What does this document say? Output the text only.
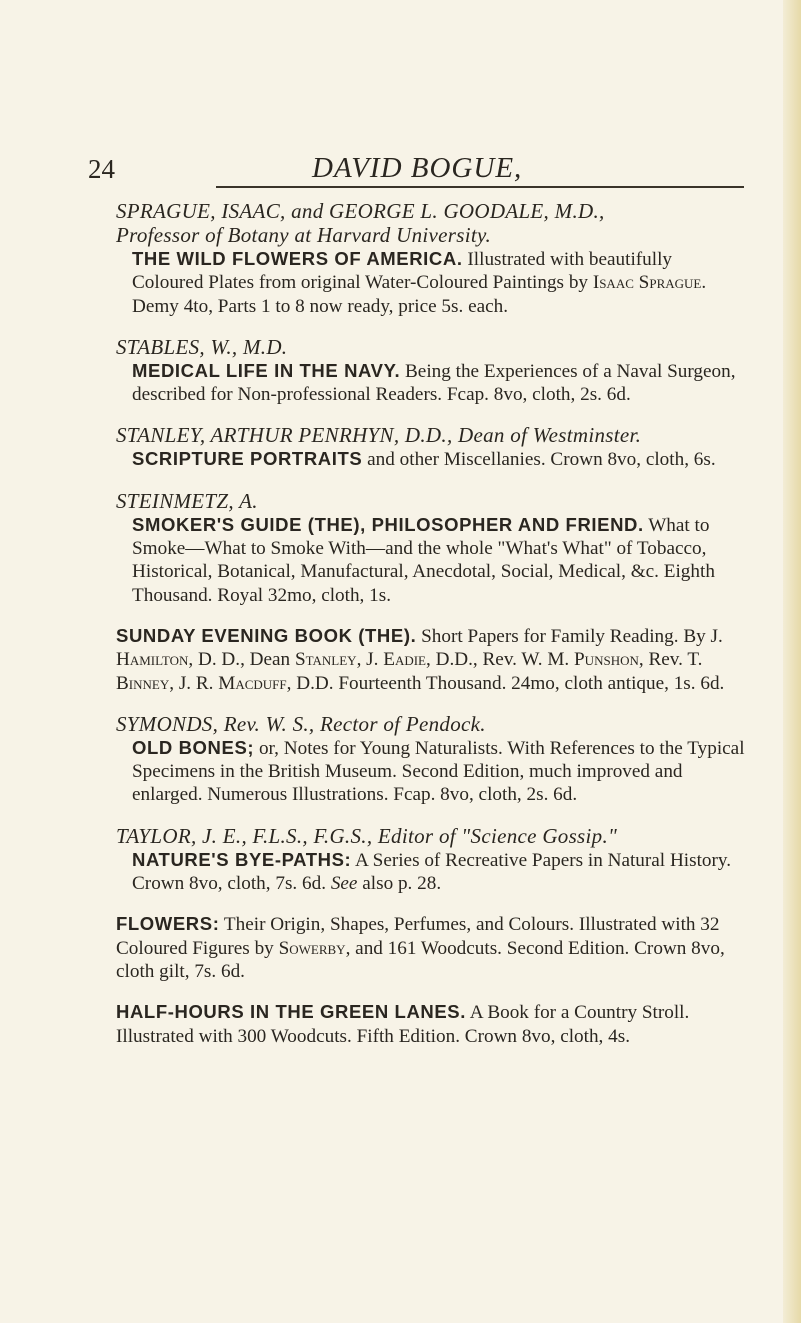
24	DAVID BOGUE,
SPRAGUE, ISAAC, and GEORGE L. GOODALE, M.D.,
Professor of Botany at Harvard University.
THE WILD FLOWERS OF AMERICA. Illustrated with beautifully Coloured Plates from original Water-Coloured Paintings by Isaac Sprague. Demy 4to, Parts 1 to 8 now ready, price 5s. each.
STABLES, W., M.D.
MEDICAL LIFE IN THE NAVY. Being the Experiences of a Naval Surgeon, described for Non-professional Readers. Fcap. 8vo, cloth, 2s. 6d.
STANLEY, ARTHUR PENRHYN, D.D., Dean of Westminster.
SCRIPTURE PORTRAITS and other Miscellanies. Crown 8vo, cloth, 6s.
STEINMETZ, A.
SMOKER'S GUIDE (THE), PHILOSOPHER AND FRIEND. What to Smoke—What to Smoke With—and the whole "What's What" of Tobacco, Historical, Botanical, Manufactural, Anecdotal, Social, Medical, &c. Eighth Thousand. Royal 32mo, cloth, 1s.
SUNDAY EVENING BOOK (THE). Short Papers for Family Reading. By J. Hamilton, D. D., Dean Stanley, J. Eadie, D.D., Rev. W. M. Punshon, Rev. T. Binney, J. R. Macduff, D.D. Fourteenth Thousand. 24mo, cloth antique, 1s. 6d.
SYMONDS, Rev. W. S., Rector of Pendock.
OLD BONES; or, Notes for Young Naturalists. With References to the Typical Specimens in the British Museum. Second Edition, much improved and enlarged. Numerous Illustrations. Fcap. 8vo, cloth, 2s. 6d.
TAYLOR, J. E., F.L.S., F.G.S., Editor of "Science Gossip."
NATURE'S BYE-PATHS: A Series of Recreative Papers in Natural History. Crown 8vo, cloth, 7s. 6d. See also p. 28.
FLOWERS: Their Origin, Shapes, Perfumes, and Colours. Illustrated with 32 Coloured Figures by Sowerby, and 161 Woodcuts. Second Edition. Crown 8vo, cloth gilt, 7s. 6d.
HALF-HOURS IN THE GREEN LANES. A Book for a Country Stroll. Illustrated with 300 Woodcuts. Fifth Edition. Crown 8vo, cloth, 4s.
